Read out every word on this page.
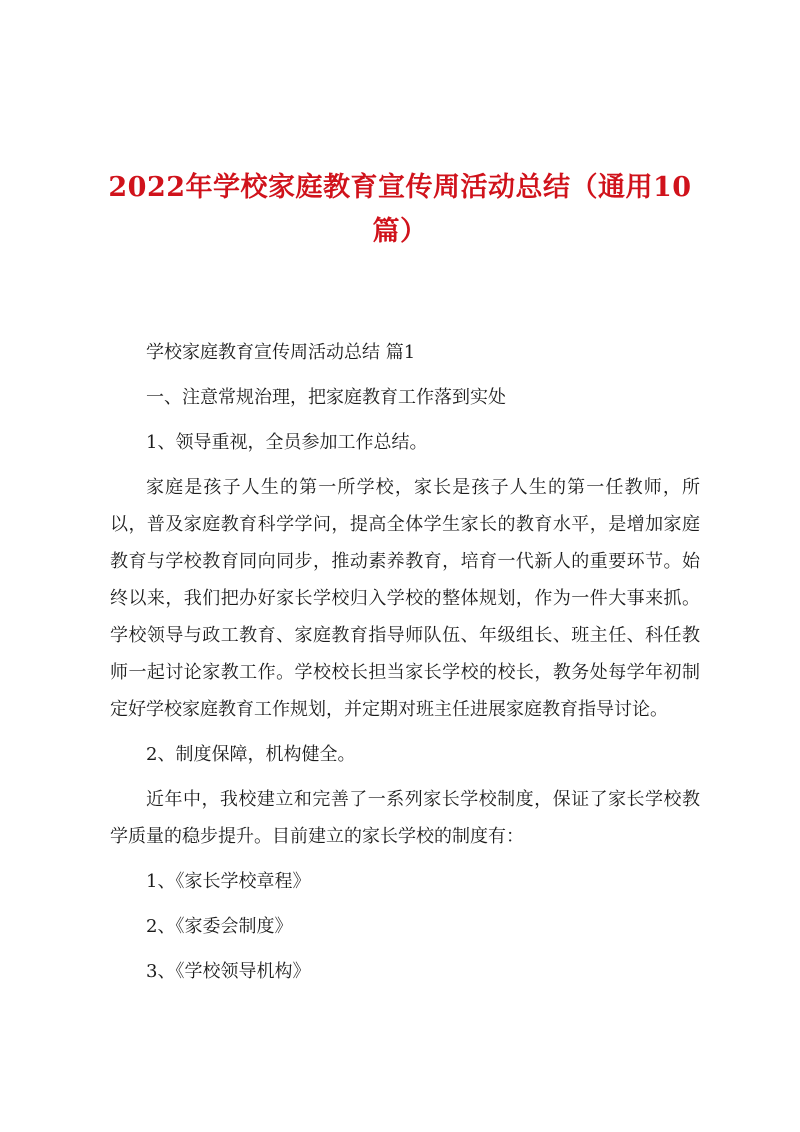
2022年学校家庭教育宣传周活动总结（通用10篇）

学校家庭教育宣传周活动总结 篇1

一、注意常规治理，把家庭教育工作落到实处

1、领导重视，全员参加工作总结。

家庭是孩子人生的第一所学校，家长是孩子人生的第一任教师，所以，普及家庭教育科学学问，提高全体学生家长的教育水平，是增加家庭教育与学校教育同向同步，推动素养教育，培育一代新人的重要环节。始终以来，我们把办好家长学校归入学校的整体规划，作为一件大事来抓。学校领导与政工教育、家庭教育指导师队伍、年级组长、班主任、科任教师一起讨论家教工作。学校校长担当家长学校的校长，教务处每学年初制定好学校家庭教育工作规划，并定期对班主任进展家庭教育指导讨论。

2、制度保障，机构健全。

近年中，我校建立和完善了一系列家长学校制度，保证了家长学校教学质量的稳步提升。目前建立的家长学校的制度有：

1、《家长学校章程》

2、《家委会制度》

3、《学校领导机构》
